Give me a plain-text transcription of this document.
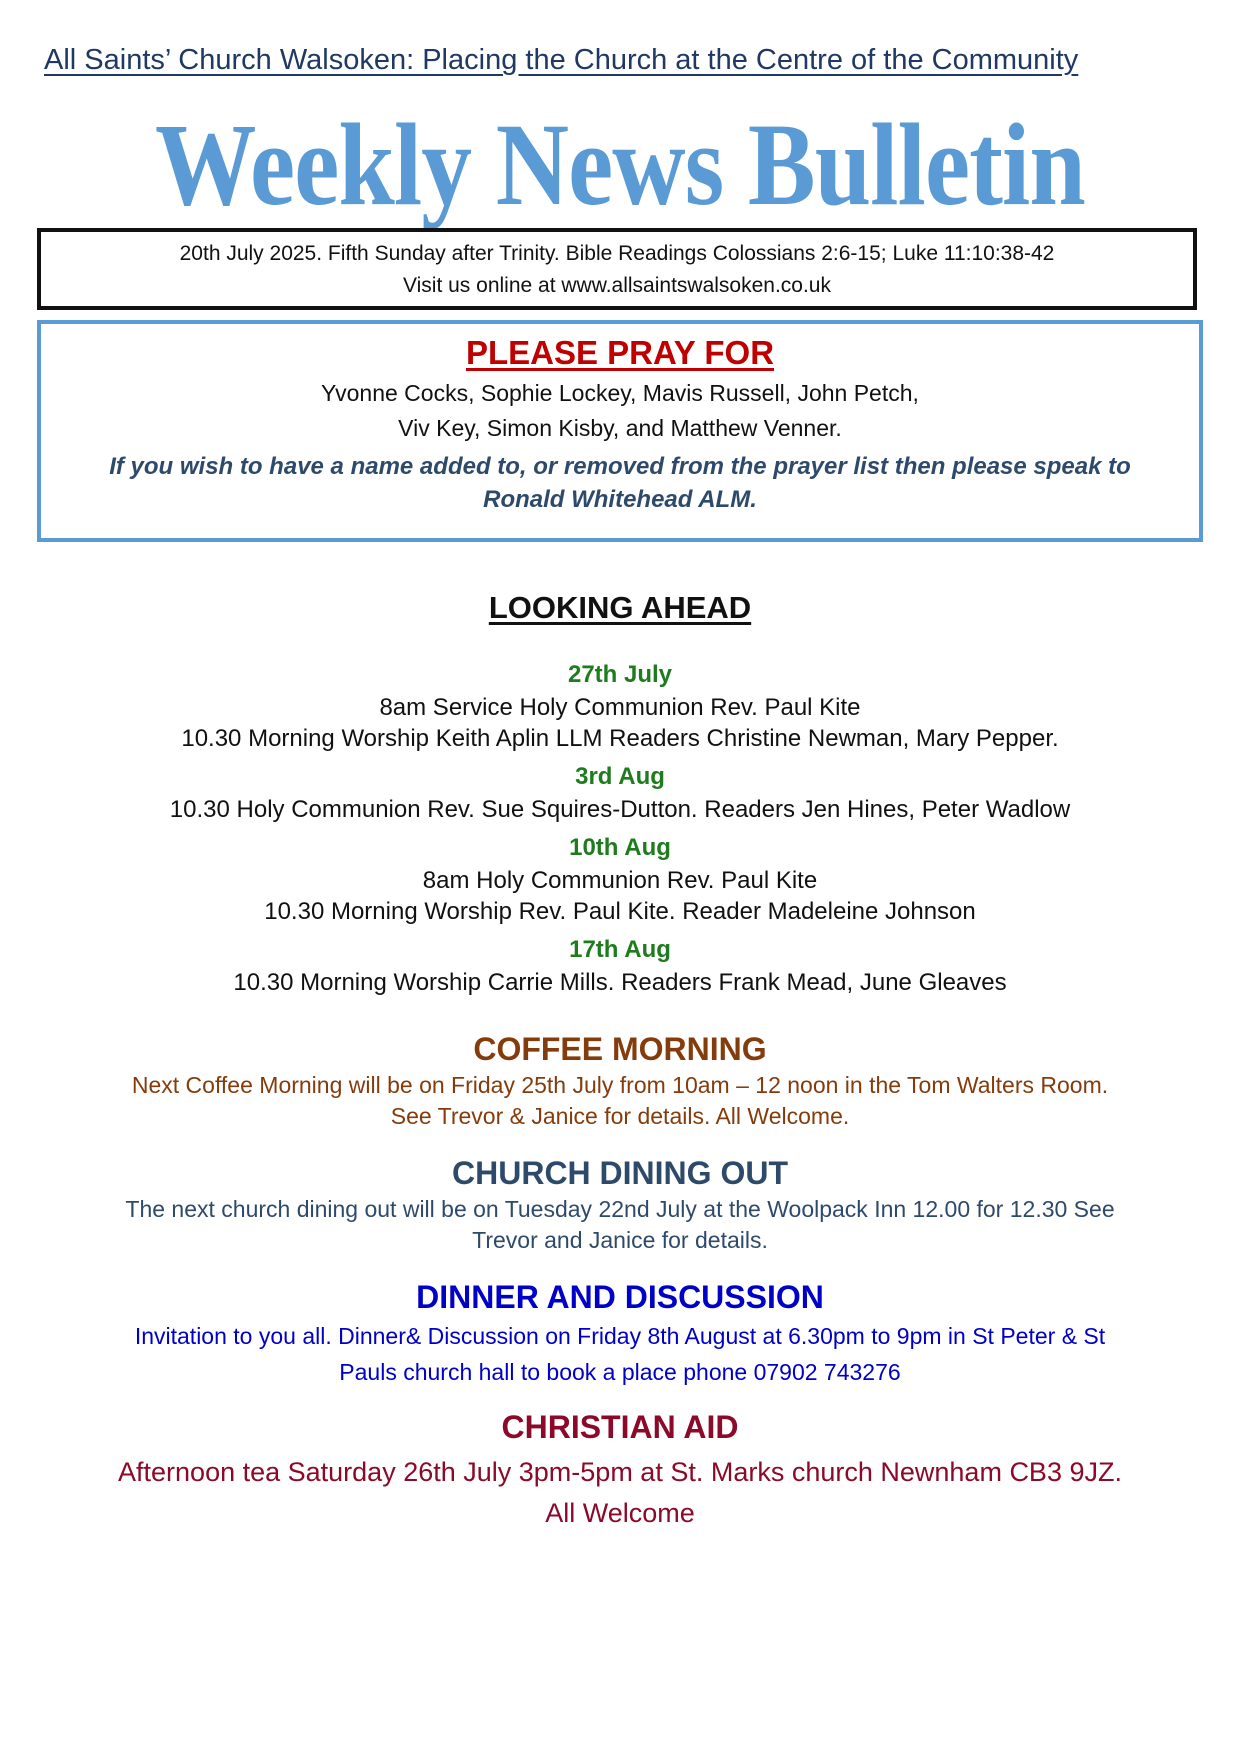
All Saints’ Church Walsoken: Placing the Church at the Centre of the Community
Weekly News Bulletin
20th July 2025. Fifth Sunday after Trinity. Bible Readings Colossians 2:6-15; Luke 11:10:38-42
Visit us online at www.allsaintswalsoken.co.uk
PLEASE PRAY FOR
Yvonne Cocks, Sophie Lockey, Mavis Russell, John Petch,
Viv Key, Simon Kisby, and Matthew Venner.
If you wish to have a name added to, or removed from the prayer list then please speak to
Ronald Whitehead ALM.
LOOKING AHEAD
27th July
8am Service Holy Communion Rev. Paul Kite
10.30 Morning Worship Keith Aplin LLM Readers Christine Newman, Mary Pepper.
3rd Aug
10.30 Holy Communion Rev. Sue Squires-Dutton. Readers Jen Hines, Peter Wadlow
10th Aug
8am Holy Communion Rev. Paul Kite
10.30 Morning Worship Rev. Paul Kite. Reader Madeleine Johnson
17th Aug
10.30 Morning Worship Carrie Mills. Readers Frank Mead, June Gleaves
COFFEE MORNING
Next Coffee Morning will be on Friday 25th July from 10am – 12 noon in the Tom Walters Room.
See Trevor & Janice for details. All Welcome.
CHURCH DINING OUT
The next church dining out will be on Tuesday 22nd July at the Woolpack Inn 12.00 for 12.30 See
Trevor and Janice for details.
DINNER AND DISCUSSION
Invitation to you all. Dinner& Discussion on Friday 8th August at 6.30pm to 9pm in St Peter & St
Pauls church hall to book a place phone 07902 743276
CHRISTIAN AID
Afternoon tea Saturday 26th July 3pm-5pm at St. Marks church Newnham CB3 9JZ.
All Welcome
